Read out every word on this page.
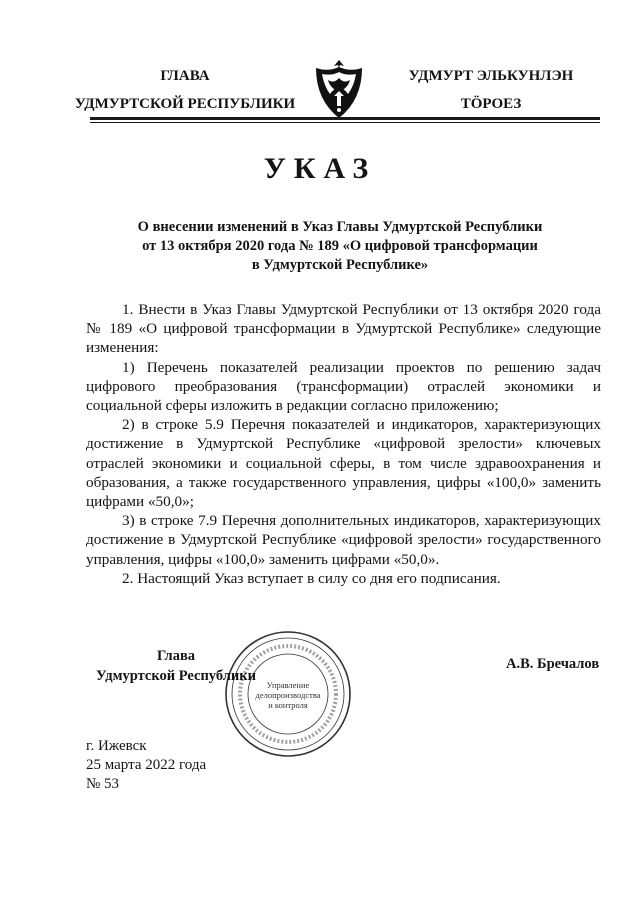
ГЛАВА
УДМУРТСКОЙ РЕСПУБЛИКИ
УДМУРТ ЭЛЬКУНЛЭН
ТӦРОЕЗ
УКАЗ
О внесении изменений в Указ Главы Удмуртской Республики
от 13 октября 2020 года № 189 «О цифровой трансформации
в Удмуртской Республике»

1. Внести в Указ Главы Удмуртской Республики от 13 октября 2020 года № 189 «О цифровой трансформации в Удмуртской Республике» следующие изменения:

1) Перечень показателей реализации проектов по решению задач цифрового преобразования (трансформации) отраслей экономики и социальной сферы изложить в редакции согласно приложению;

2) в строке 5.9 Перечня показателей и индикаторов, характеризующих достижение в Удмуртской Республике «цифровой зрелости» ключевых отраслей экономики и социальной сферы, в том числе здравоохранения и образования, а также государственного управления, цифры «100,0» заменить цифрами «50,0»;

3) в строке 7.9 Перечня дополнительных индикаторов, характеризующих достижение в Удмуртской Республике «цифровой зрелости» государственного управления, цифры «100,0» заменить цифрами «50,0».

2. Настоящий Указ вступает в силу со дня его подписания.

Управление
делопроизводства
и контроля
Глава
Удмуртской Республики
А.В. Бречалов
г. Ижевск
25 марта 2022 года
№ 53
